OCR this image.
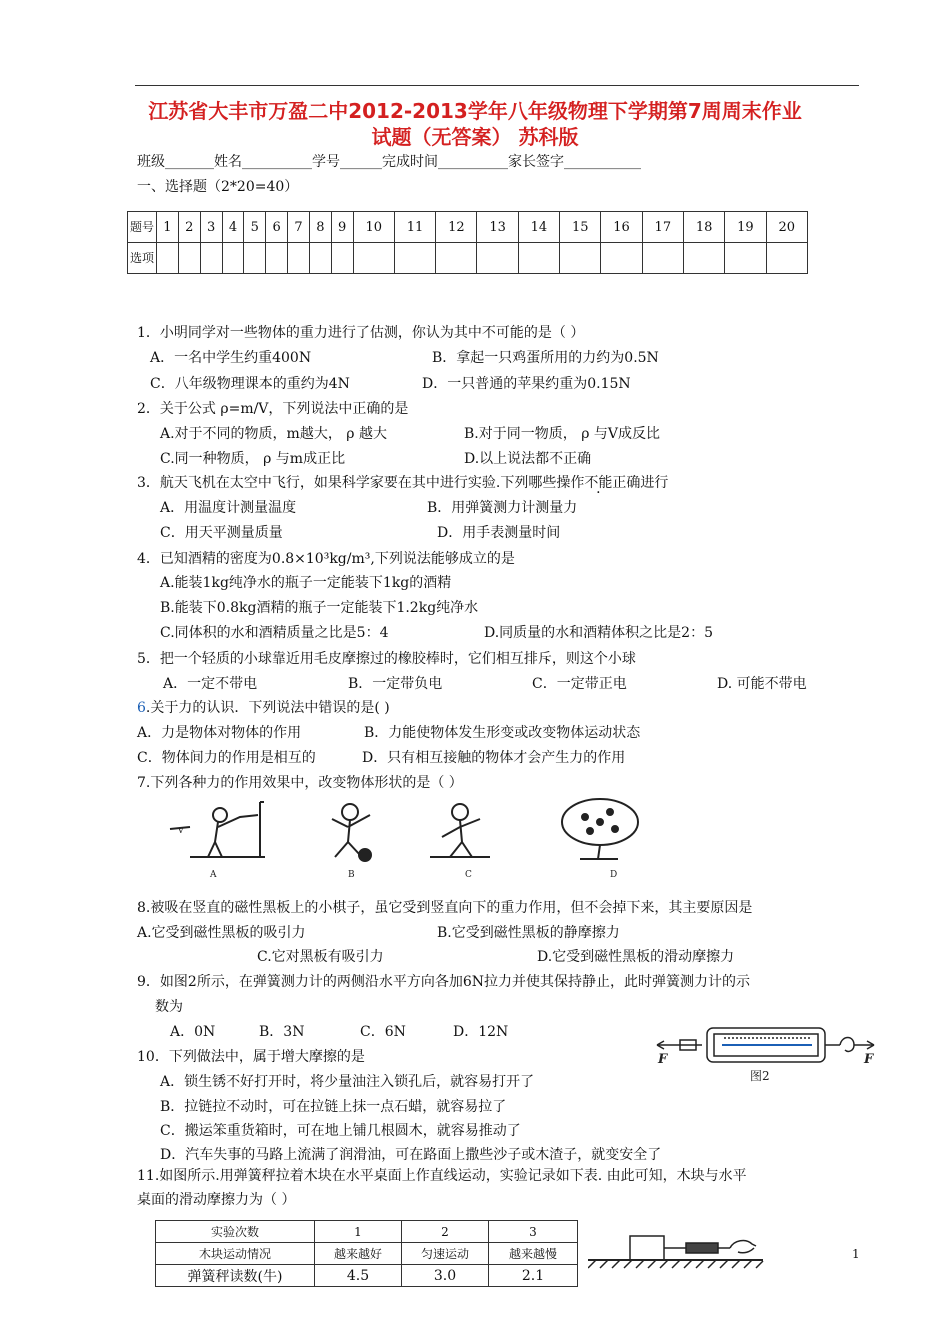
江苏省大丰市万盈二中2012-2013学年八年级物理下学期第7周周末作业
试题（无答案） 苏科版
班级_______姓名__________学号______完成时间__________家长签字___________
一、选择题（2*20=40）
题号	1	2	3	4	5	6	7	8	9	10	11	12	13	14	15	16	17	18	19	20
选项																				
1．小明同学对一些物体的重力进行了估测，你认为其中不可能的是（ ）
A．一名中学生约重400N	B．拿起一只鸡蛋所用的力约为0.5N
C．八年级物理课本的重约为4N	D．一只普通的苹果约重为0.15N
2．关于公式 ρ=m/V，下列说法中正确的是
A.对于不同的物质，m越大， ρ 越大	B.对于同一物质， ρ 与V成反比
C.同一种物质， ρ 与m成正比	D.以上说法都不正确
3．航天飞机在太空中飞行，如果科学家要在其中进行实验.下列哪些操作不能正确进行
A．用温度计测量温度	B．用弹簧测力计测量力
C．用天平测量质量	D．用手表测量时间
4．已知酒精的密度为0.8×10³kg/m³,下列说法能够成立的是
A.能装1kg纯净水的瓶子一定能装下1kg的酒精
B.能装下0.8kg酒精的瓶子一定能装下1.2kg纯净水
C.同体积的水和酒精质量之比是5：4	D.同质量的水和酒精体积之比是2：5
5．把一个轻质的小球靠近用毛皮摩擦过的橡胶棒时，它们相互排斥，则这个小球
A．一定不带电	B．一定带负电	C．一定带正电	D. 可能不带电
6.关于力的认识．下列说法中错误的是( )
A．力是物体对物体的作用	B．力能使物体发生形变或改变物体运动状态
C．物体间力的作用是相互的	D．只有相互接触的物体才会产生力的作用
7.下列各种力的作用效果中，改变物体形状的是（ ）
v
A	B	C	D
8.被吸在竖直的磁性黑板上的小棋子，虽它受到竖直向下的重力作用，但不会掉下来，其主要原因是
A.它受到磁性黑板的吸引力	B.它受到磁性黑板的静摩擦力
C.它对黑板有吸引力	D.它受到磁性黑板的滑动摩擦力
9．如图2所示，在弹簧测力计的两侧沿水平方向各加6N拉力并使其保持静止，此时弹簧测力计的示
数为
A．0N	B．3N	C．6N	D．12N
F	F
图2
10．下列做法中，属于增大摩擦的是
A．锁生锈不好打开时，将少量油注入锁孔后，就容易打开了
B．拉链拉不动时，可在拉链上抹一点石蜡，就容易拉了
C．搬运笨重货箱时，可在地上铺几根圆木，就容易推动了
D．汽车失事的马路上流满了润滑油，可在路面上撒些沙子或木渣子，就变安全了
11.如图所示.用弹簧秤拉着木块在水平桌面上作直线运动，实验记录如下表. 由此可知，木块与水平
桌面的滑动摩擦力为（ ）
实验次数	1	2	3
木块运动情况	越来越好	匀速运动	越来越慢
弹簧秤读数(牛)	4.5	3.0	2.1
1
